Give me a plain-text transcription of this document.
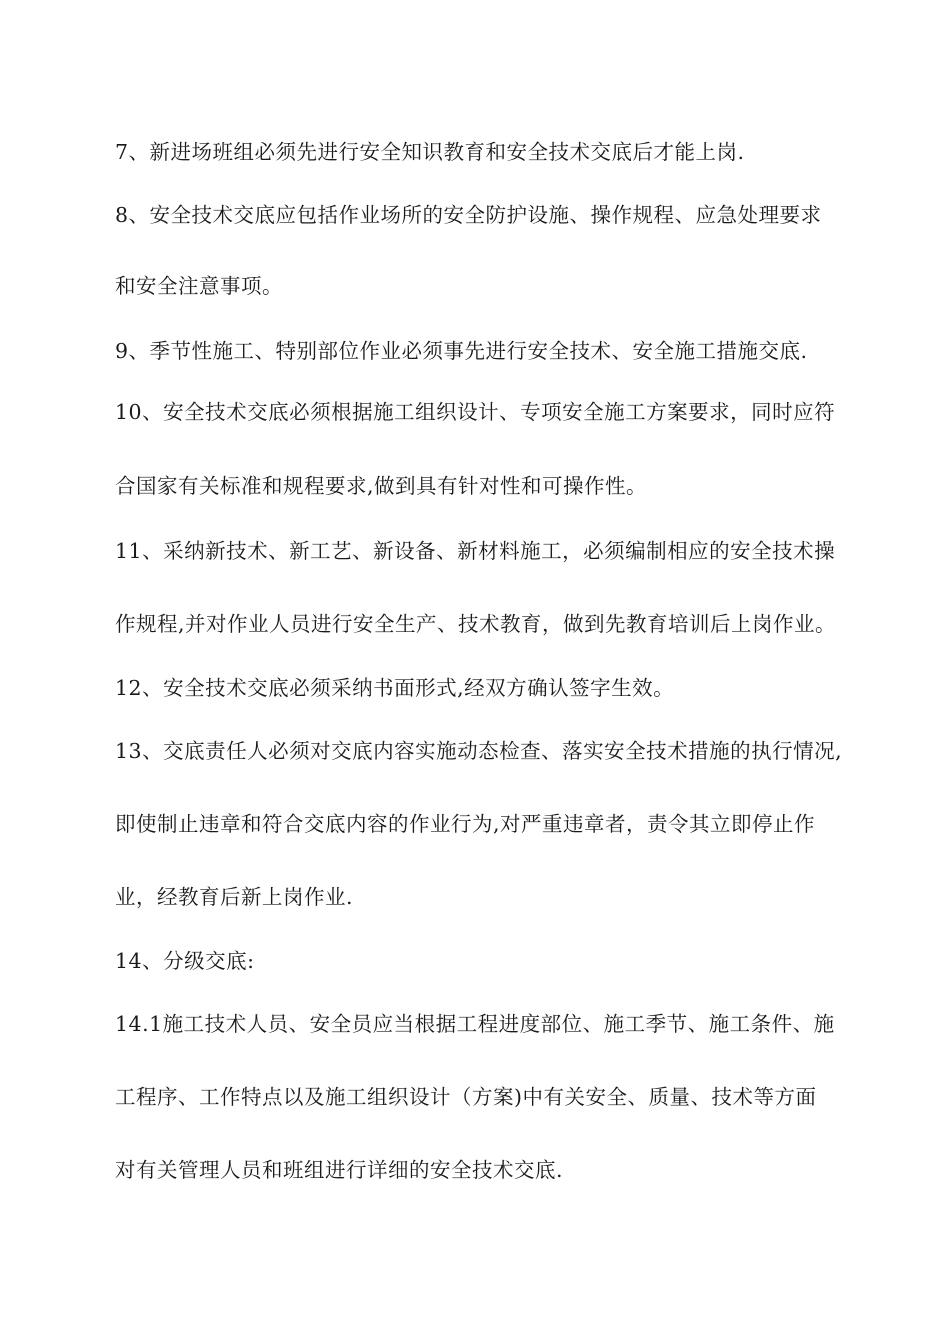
7、新进场班组必须先进行安全知识教育和安全技术交底后才能上岗.

8、安全技术交底应包括作业场所的安全防护设施、操作规程、应急处理要求

和安全注意事项。

9、季节性施工、特别部位作业必须事先进行安全技术、安全施工措施交底.

10、安全技术交底必须根据施工组织设计、专项安全施工方案要求，同时应符

合国家有关标准和规程要求,做到具有针对性和可操作性。

11、采纳新技术、新工艺、新设备、新材料施工，必须编制相应的安全技术操

作规程,并对作业人员进行安全生产、技术教育，做到先教育培训后上岗作业。

12、安全技术交底必须采纳书面形式,经双方确认签字生效。

13、交底责任人必须对交底内容实施动态检查、落实安全技术措施的执行情况,

即使制止违章和符合交底内容的作业行为,对严重违章者，责令其立即停止作

业，经教育后新上岗作业.

14、分级交底:

14.1施工技术人员、安全员应当根据工程进度部位、施工季节、施工条件、施

工程序、工作特点以及施工组织设计（方案)中有关安全、质量、技术等方面

对有关管理人员和班组进行详细的安全技术交底.
